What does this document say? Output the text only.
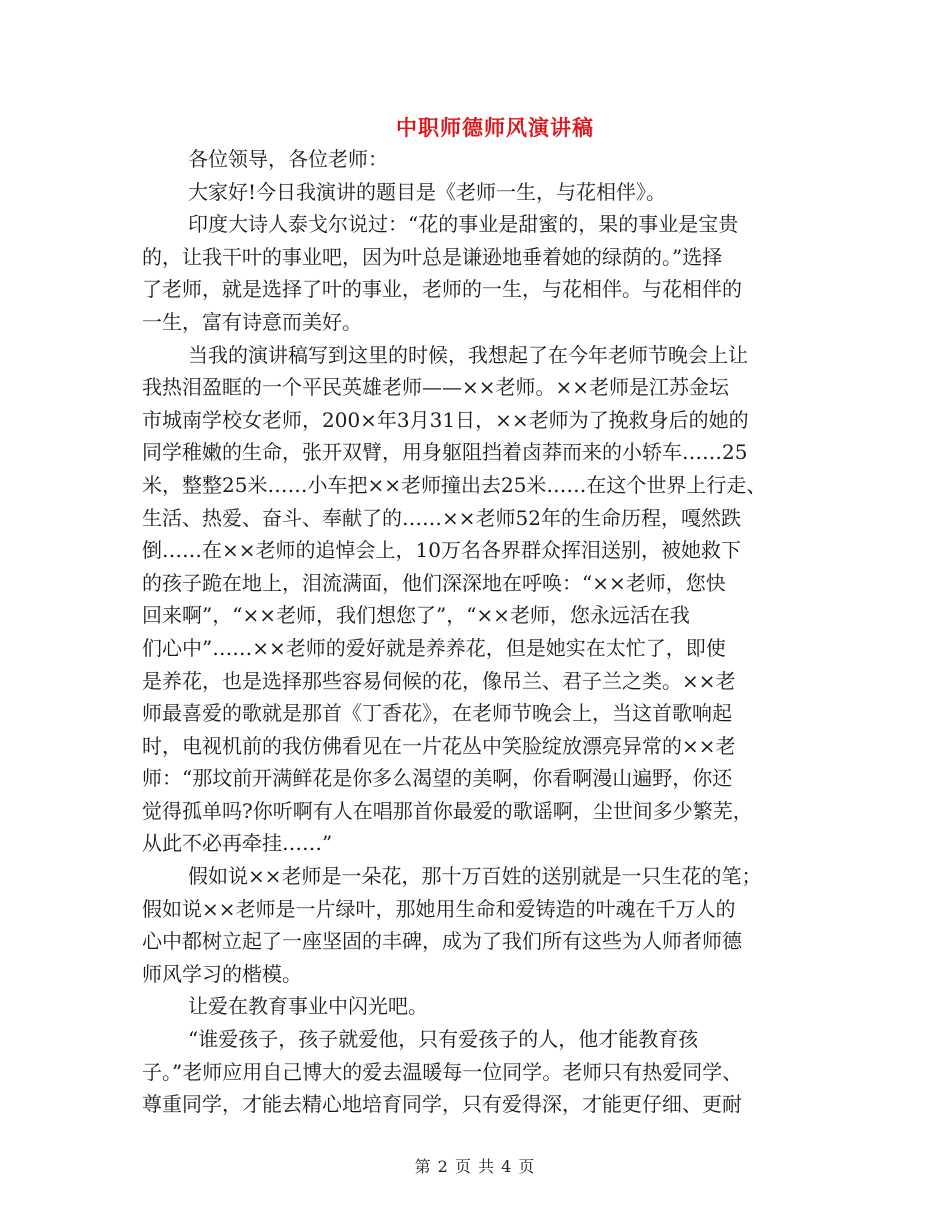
中职师德师风演讲稿
各位领导，各位老师：
大家好!今日我演讲的题目是《老师一生，与花相伴》。
印度大诗人泰戈尔说过：“花的事业是甜蜜的，果的事业是宝贵
的，让我干叶的事业吧，因为叶总是谦逊地垂着她的绿荫的。”选择
了老师，就是选择了叶的事业，老师的一生，与花相伴。与花相伴的
一生，富有诗意而美好。
当我的演讲稿写到这里的时候，我想起了在今年老师节晚会上让
我热泪盈眶的一个平民英雄老师——××老师。××老师是江苏金坛
市城南学校女老师，200×年3月31日，××老师为了挽救身后的她的
同学稚嫩的生命，张开双臂，用身躯阻挡着卤莽而来的小轿车……25
米，整整25米……小车把××老师撞出去25米……在这个世界上行走、
生活、热爱、奋斗、奉献了的……××老师52年的生命历程，嘎然跌
倒……在××老师的追悼会上，10万名各界群众挥泪送别，被她救下
的孩子跪在地上，泪流满面，他们深深地在呼唤：“××老师，您快
回来啊”，“××老师，我们想您了”，“××老师，您永远活在我
们心中”……××老师的爱好就是养养花，但是她实在太忙了，即使
是养花，也是选择那些容易伺候的花，像吊兰、君子兰之类。××老
师最喜爱的歌就是那首《丁香花》，在老师节晚会上，当这首歌响起
时，电视机前的我仿佛看见在一片花丛中笑脸绽放漂亮异常的××老
师：“那坟前开满鲜花是你多么渴望的美啊，你看啊漫山遍野，你还
觉得孤单吗?你听啊有人在唱那首你最爱的歌谣啊，尘世间多少繁芜，
从此不必再牵挂……”
假如说××老师是一朵花，那十万百姓的送别就是一只生花的笔；
假如说××老师是一片绿叶，那她用生命和爱铸造的叶魂在千万人的
心中都树立起了一座坚固的丰碑，成为了我们所有这些为人师者师德
师风学习的楷模。
让爱在教育事业中闪光吧。
“谁爱孩子，孩子就爱他，只有爱孩子的人，他才能教育孩
子。”老师应用自己博大的爱去温暖每一位同学。老师只有热爱同学、
尊重同学，才能去精心地培育同学，只有爱得深，才能更仔细、更耐
第 2 页 共 4 页
